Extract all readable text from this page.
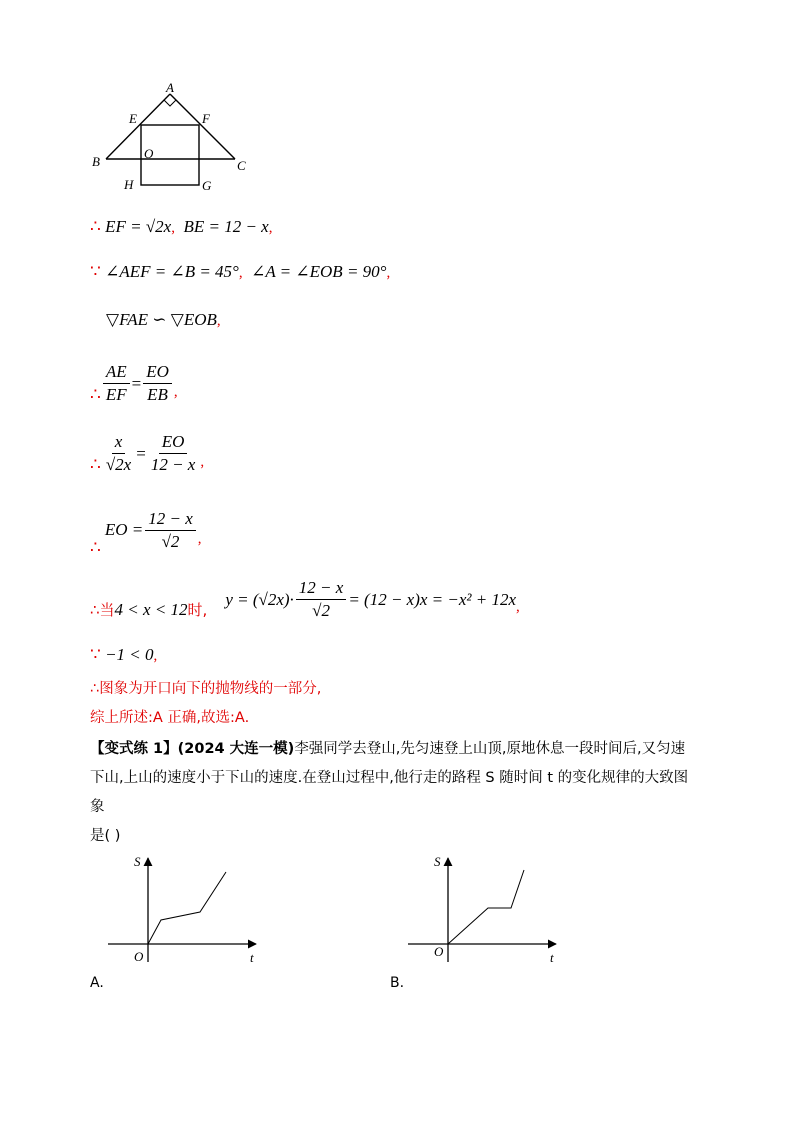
A
E	F
B
O
C
H	G
∴ EF = √2x, BE = 12 − x,
∵ ∠AEF = ∠B = 45°, ∠A = ∠EOB = 90°,
▽FAE ∽ ▽EOB,
∴ $\frac{AE}{EF} = \frac{EO}{EB}$ ,
∴ $\frac{x}{√2x} = \frac{EO}{12 - x}$ ,
∴
EO = $\frac{12 - x}{√2}$ ,
∴当 4 < x < 12 时,
$y = (√2x)\cdot \frac{12 - x}{√2} = (12 - x)x = -x^2 + 12x$ ,
∵ −1 < 0,
∴图象为开口向下的抛物线的一部分,
综上所述:A 正确,故选:A.
【变式练 1】(2024 大连一模)李强同学去登山,先匀速登上山顶,原地休息一段时间后,又匀速
下山,上山的速度小于下山的速度.在登山过程中,他行走的路程 S 随时间 t 的变化规律的大致图
象
是( )
S
t
O
A.
S
t
O
B.
